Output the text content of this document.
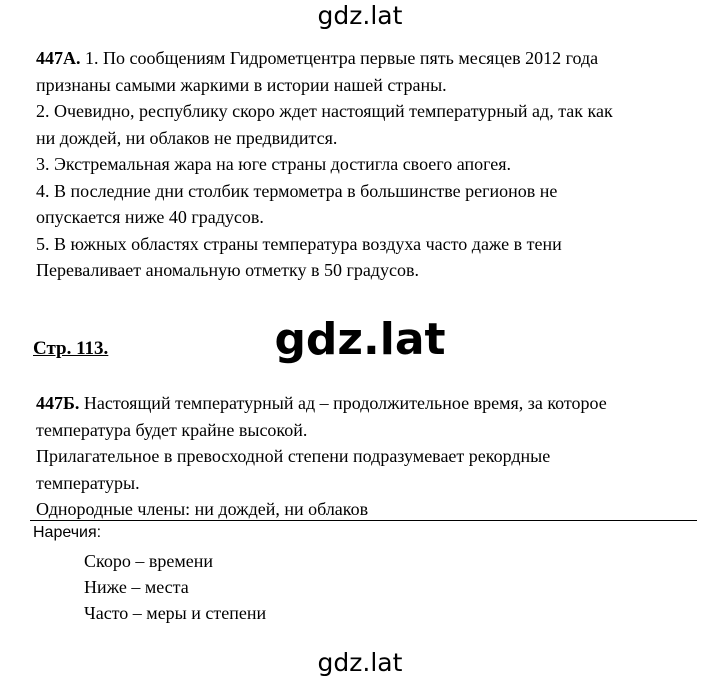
gdz.lat

447А. 1. По сообщениям Гидрометцентра первые пять месяцев 2012 года

признаны самыми жаркими в истории нашей страны.

2. Очевидно, республику скоро ждет настоящий температурный ад, так как

ни дождей, ни облаков не предвидится.

3. Экстремальная жара на юге страны достигла своего апогея.

4. В последние дни столбик термометра в большинстве регионов не

опускается ниже 40 градусов.

5. В южных областях страны температура воздуха часто даже в тени

Переваливает аномальную отметку в 50 градусов.

Стр. 113.	gdz.lat

447Б. Настоящий температурный ад – продолжительное время, за которое

температура будет крайне высокой.

Прилагательное в превосходной степени подразумевает рекордные

температуры.

Однородные члены: ни дождей, ни облаков

Наречия:

Скоро – времени

Ниже – места

Часто – меры и степени

gdz.lat
